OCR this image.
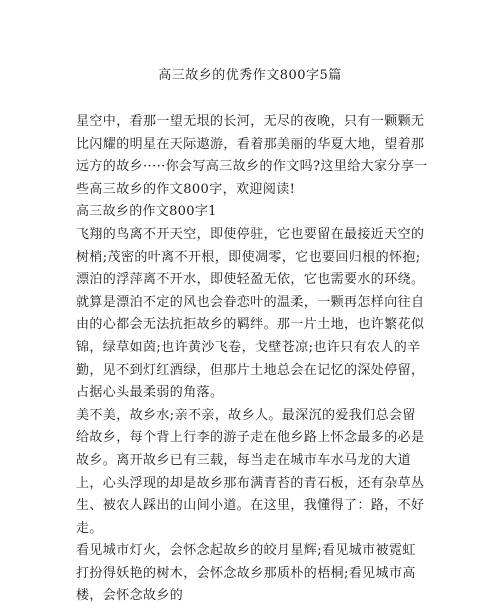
高三故乡的优秀作文800字5篇

星空中，看那一望无垠的长河，无尽的夜晚，只有一颗颗无比闪耀的明星在天际遨游，看着那美丽的华夏大地，望着那远方的故乡·····你会写高三故乡的作文吗?这里给大家分享一些高三故乡的作文800字，欢迎阅读!

高三故乡的作文800字1

飞翔的鸟离不开天空，即使停驻，它也要留在最接近天空的树梢;茂密的叶离不开根，即使凋零，它也要回归根的怀抱;漂泊的浮萍离不开水，即使轻盈无依，它也需要水的环绕。

就算是漂泊不定的风也会眷恋叶的温柔，一颗再怎样向往自由的心都会无法抗拒故乡的羁绊。那一片土地，也许繁花似锦，绿草如茵;也许黄沙飞卷，戈壁苍凉;也许只有农人的辛勤，见不到灯红酒绿，但那片土地总会在记忆的深处停留，占据心头最柔弱的角落。

美不美，故乡水;亲不亲，故乡人。最深沉的爱我们总会留给故乡，每个背上行李的游子走在他乡路上怀念最多的必是故乡。离开故乡已有三载，每当走在城市车水马龙的大道上，心头浮现的却是故乡那布满青苔的青石板，还有杂草丛生、被农人踩出的山间小道。在这里，我懂得了：路，不好走。

看见城市灯火，会怀念起故乡的皎月星辉;看见城市被霓虹打扮得妖艳的树木，会怀念故乡那质朴的梧桐;看见城市高楼，会怀念故乡的
